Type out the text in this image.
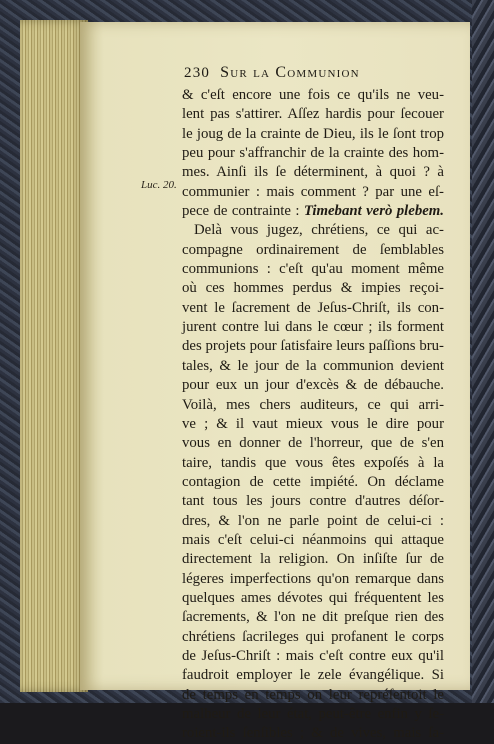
230 Sur la Communion
Luc. 20.
& c'eſt encore une fois ce qu'ils ne veu-
lent pas s'attirer. Aſſez hardis pour ſecouer
le joug de la crainte de Dieu, ils le ſont trop
peu pour s'affranchir de la crainte des hom-
mes. Ainſi ils ſe déterminent, à quoi ? à
communier : mais comment ? par une eſ-
pece de contrainte : Timebant verò plebem.
Delà vous jugez, chrétiens, ce qui ac-
compagne ordinairement de ſemblables
communions : c'eſt qu'au moment même
où ces hommes perdus & impies reçoi-
vent le ſacrement de Jeſus-Chriſt, ils con-
jurent contre lui dans le cœur ; ils forment
des projets pour ſatisfaire leurs paſſions bru-
tales, & le jour de la communion devient
pour eux un jour d'excès & de débauche.
Voilà, mes chers auditeurs, ce qui arri-
ve ; & il vaut mieux vous le dire pour
vous en donner de l'horreur, que de s'en
taire, tandis que vous êtes expoſés à la
contagion de cette impiété. On déclame
tant tous les jours contre d'autres déſor-
dres, & l'on ne parle point de celui-ci :
mais c'eſt celui-ci néanmoins qui attaque
directement la religion. On inſiſte ſur de
légeres imperfections qu'on remarque dans
quelques ames dévotes qui fréquentent les
ſacrements, & l'on ne dit preſque rien des
chrétiens ſacrileges qui profanent le corps
de Jeſus-Chriſt : mais c'eſt contre eux qu'il
faudroit employer le zele évangélique. Si
de temps en temps on leur repréſentoit le
malheur de leur état, peut-être enfin y ſe-
roient-ils ſenſibles ; & de vives, mais ſa-
